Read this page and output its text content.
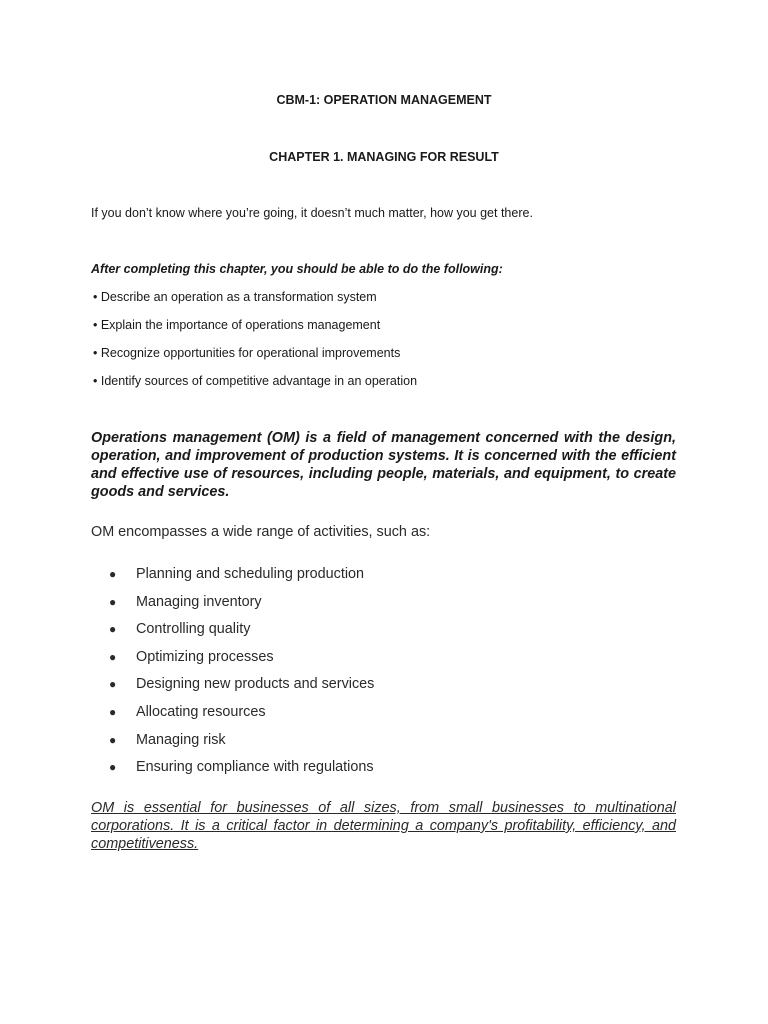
CBM-1: OPERATION MANAGEMENT
CHAPTER 1. MANAGING FOR RESULT

If you don’t know where you’re going, it doesn’t much matter, how you get there.

After completing this chapter, you should be able to do the following:

• Describe an operation as a transformation system
• Explain the importance of operations management
• Recognize opportunities for operational improvements
• Identify sources of competitive advantage in an operation

Operations management (OM) is a field of management concerned with the design, operation, and improvement of production systems. It is concerned with the efficient and effective use of resources, including people, materials, and equipment, to create goods and services.

OM encompasses a wide range of activities, such as:

● Planning and scheduling production
● Managing inventory
● Controlling quality
● Optimizing processes
● Designing new products and services
● Allocating resources
● Managing risk
● Ensuring compliance with regulations

OM is essential for businesses of all sizes, from small businesses to multinational corporations. It is a critical factor in determining a company's profitability, efficiency, and competitiveness.
